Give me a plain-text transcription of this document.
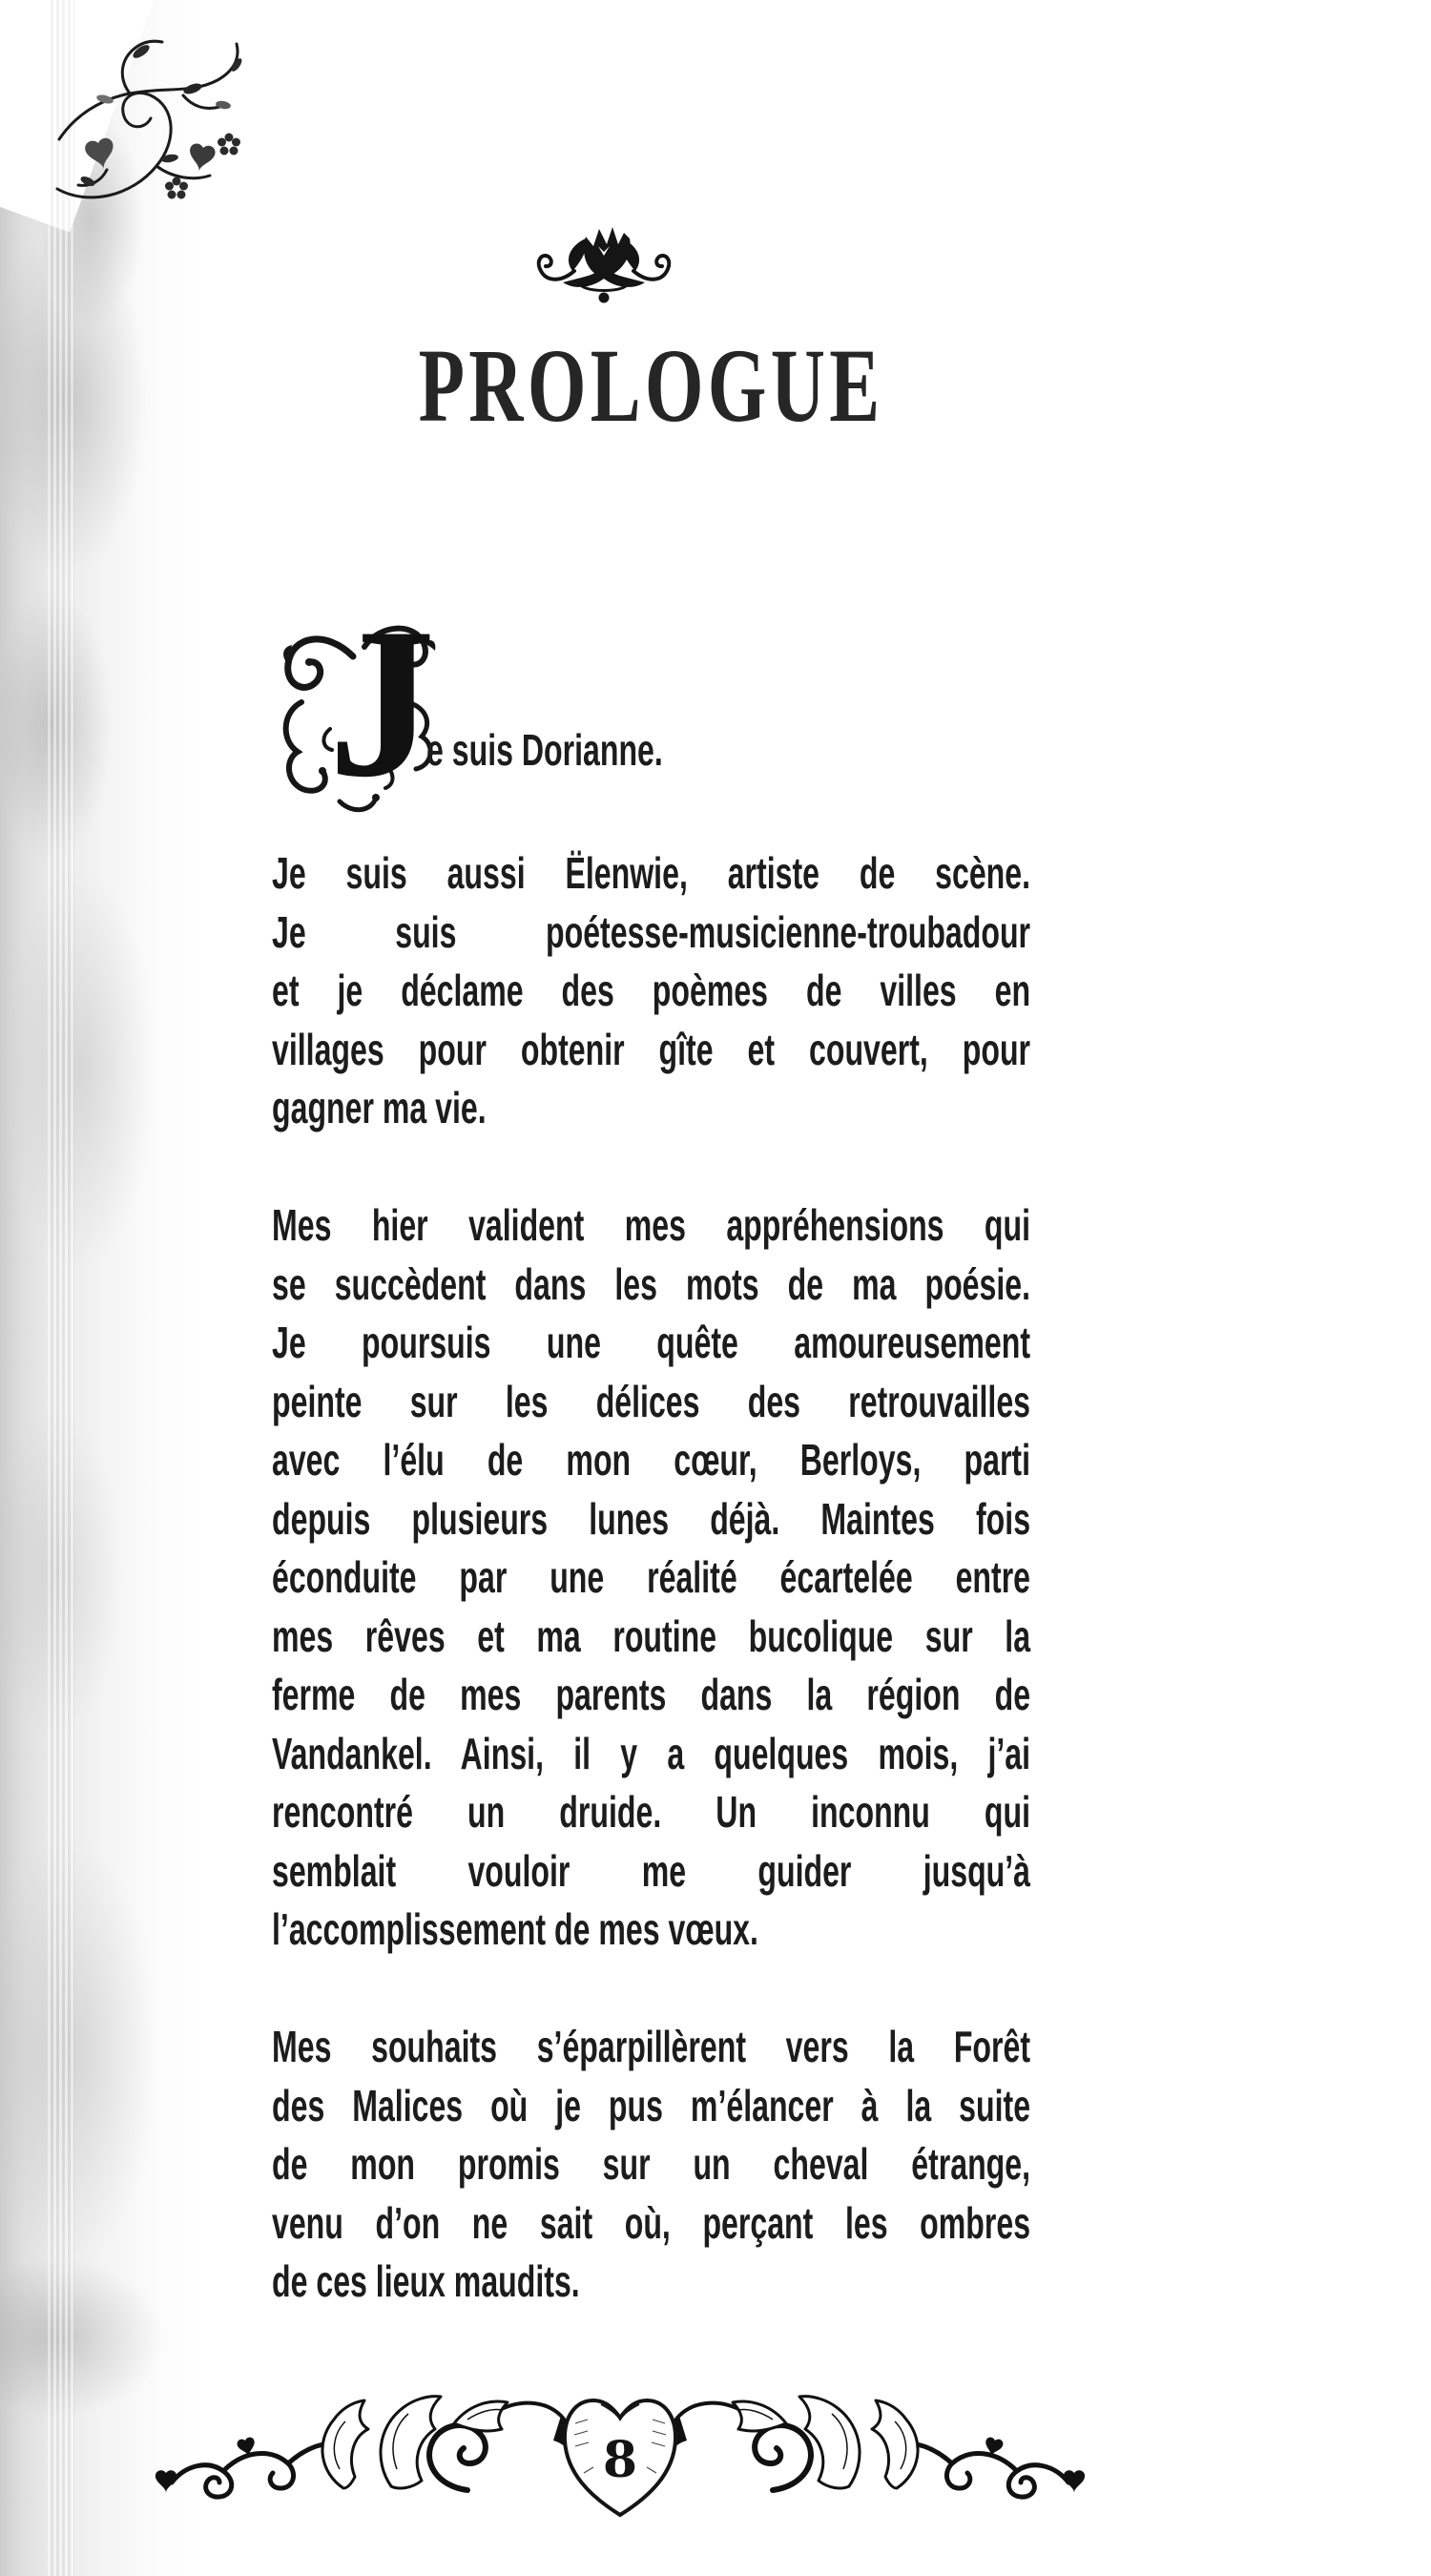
PROLOGUE
J
e suis Dorianne.
Je suis aussi Ëlenwie, artiste de scène.
Je suis poétesse-musicienne-troubadour
et je déclame des poèmes de villes en
villages pour obtenir gîte et couvert, pour
gagner ma vie.
Mes hier valident mes appréhensions qui
se succèdent dans les mots de ma poésie.
Je poursuis une quête amoureusement
peinte sur les délices des retrouvailles
avec l’élu de mon cœur, Berloys, parti
depuis plusieurs lunes déjà. Maintes fois
éconduite par une réalité écartelée entre
mes rêves et ma routine bucolique sur la
ferme de mes parents dans la région de
Vandankel. Ainsi, il y a quelques mois, j’ai
rencontré un druide. Un inconnu qui
semblait vouloir me guider jusqu’à
l’accomplissement de mes vœux.
Mes souhaits s’éparpillèrent vers la Forêt
des Malices où je pus m’élancer à la suite
de mon promis sur un cheval étrange,
venu d’on ne sait où, perçant les ombres
de ces lieux maudits.
8
